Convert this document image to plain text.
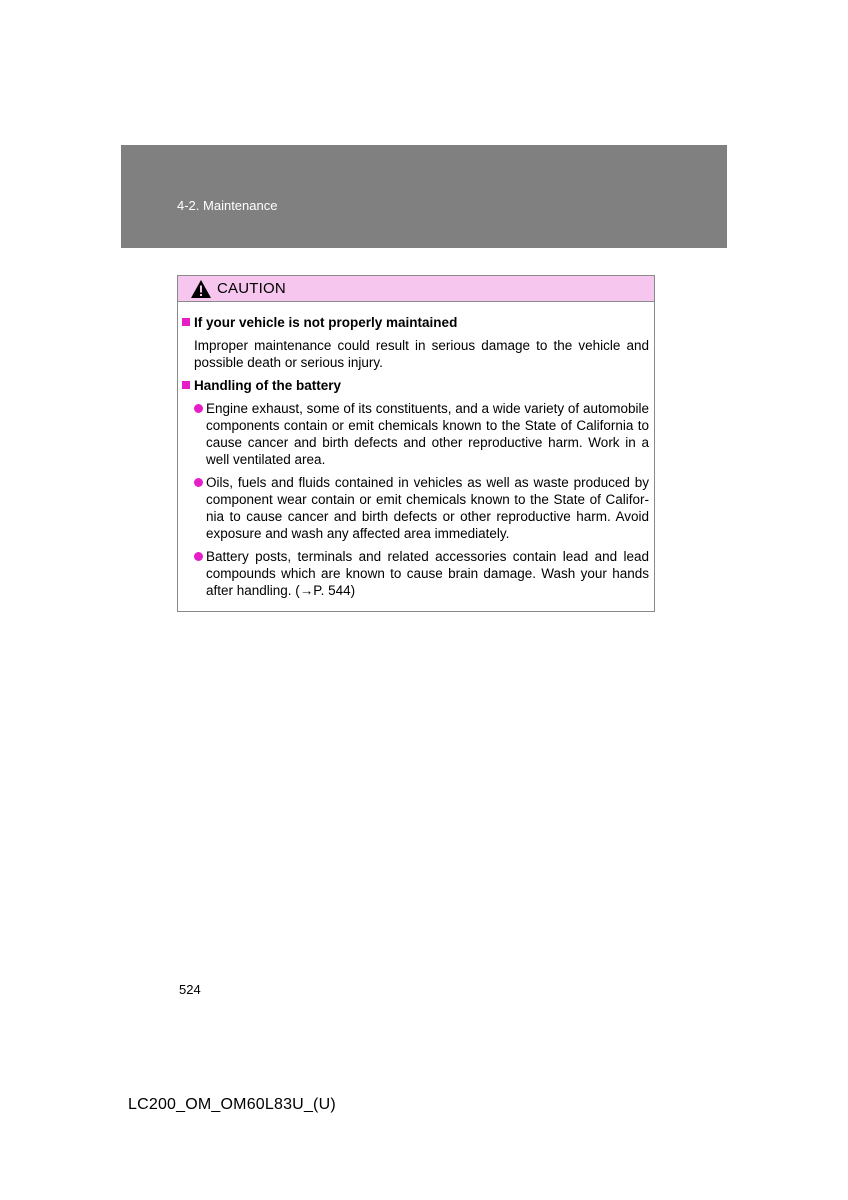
4-2. Maintenance
CAUTION
If your vehicle is not properly maintained
Improper maintenance could result in serious damage to the vehicle and possible death or serious injury.
Handling of the battery
Engine exhaust, some of its constituents, and a wide variety of automobile components contain or emit chemicals known to the State of California to cause cancer and birth defects and other reproductive harm. Work in a well ventilated area.
Oils, fuels and fluids contained in vehicles as well as waste produced by component wear contain or emit chemicals known to the State of Califor-nia to cause cancer and birth defects or other reproductive harm. Avoid exposure and wash any affected area immediately.
Battery posts, terminals and related accessories contain lead and lead compounds which are known to cause brain damage. Wash your hands after handling. (→P. 544)
524
LC200_OM_OM60L83U_(U)
